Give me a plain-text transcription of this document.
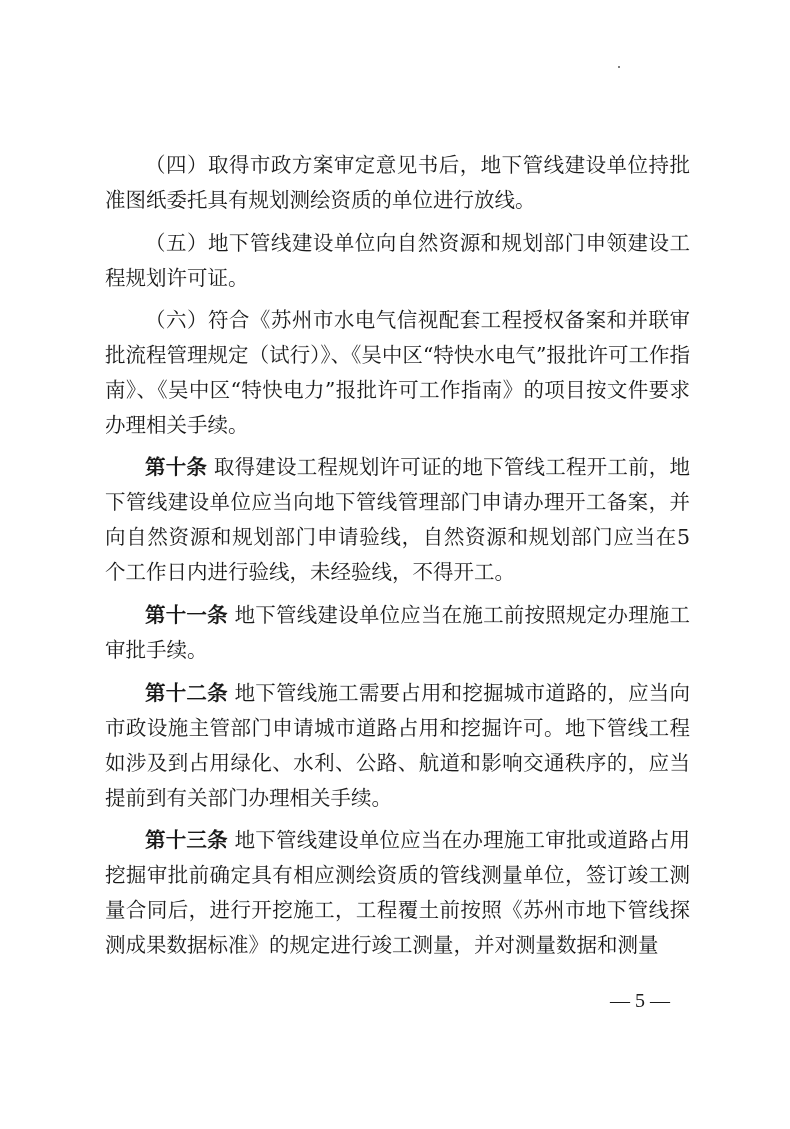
（四）取得市政方案审定意见书后，地下管线建设单位持批准图纸委托具有规划测绘资质的单位进行放线。

（五）地下管线建设单位向自然资源和规划部门申领建设工程规划许可证。

（六）符合《苏州市水电气信视配套工程授权备案和并联审批流程管理规定（试行）》、《吴中区“特快水电气”报批许可工作指南》、《吴中区“特快电力”报批许可工作指南》的项目按文件要求办理相关手续。

第十条 取得建设工程规划许可证的地下管线工程开工前，地下管线建设单位应当向地下管线管理部门申请办理开工备案，并向自然资源和规划部门申请验线，自然资源和规划部门应当在5个工作日内进行验线，未经验线，不得开工。

第十一条 地下管线建设单位应当在施工前按照规定办理施工审批手续。

第十二条 地下管线施工需要占用和挖掘城市道路的，应当向市政设施主管部门申请城市道路占用和挖掘许可。地下管线工程如涉及到占用绿化、水利、公路、航道和影响交通秩序的，应当提前到有关部门办理相关手续。

第十三条 地下管线建设单位应当在办理施工审批或道路占用挖掘审批前确定具有相应测绘资质的管线测量单位，签订竣工测量合同后，进行开挖施工，工程覆土前按照《苏州市地下管线探测成果数据标准》的规定进行竣工测量，并对测量数据和测量

— 5 —
